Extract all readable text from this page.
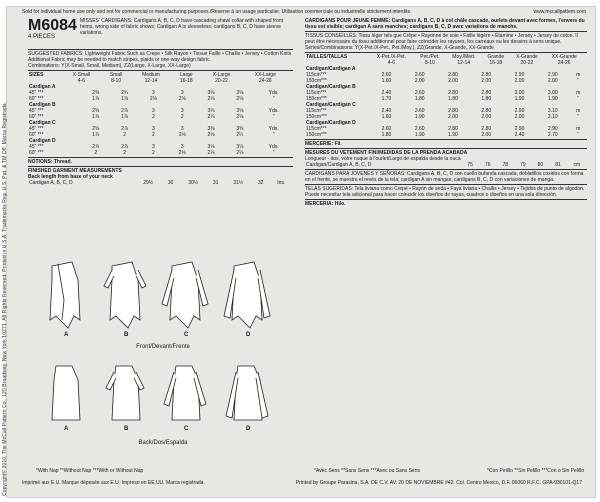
Sold for individual home use only and not for commercial or manufacturing purposes./Reserve à un usage particulier. Utilisation commerciale ou industrielle strictement interdite.	www.mccallpattern.com
Copyright© 2010, The McCall Pattern Co., 120 Broadway, New York 10271. All Rights Reserved. Printed in U.S.A. Trademarks Reg. U.S. Pat. & TM Off. Marca Registrada
M6084
4 PIECES
MISSES' CARDIGANS: Cardigans A, B, C, D have cascading shawl collar with shaped front hems, wrong side of fabric shows; Cardigan A is sleeveless; cardigans B, C, D have sleeve variations.
SUGGESTED FABRICS: Lightweight Fabric Such as Crepe • Silk Rayon • Tissue Faille • Challis • Jersey • Cotton Knits. Additional Fabric may be needed to match stripes, plaids or one-way design fabric.
Combinations: Y(X-Small, Small, Medium), ZZ(Large, X-Large, XX-Large)
SIZES	X-Small	Small	Medium	Large	X-Large	XX-Large	
	4-6	8-10	12-14	16-18	20-22	24-26	
Cardigan A							
45" ***	2⅜	2¾	3	3	3⅛	3⅛	Yds.
60" ***	1⅞	1⅞	2⅛	2⅛	2⅛	2⅛	"
Cardigan B							
45" ***	2⅝	2⅞	3	3	3⅛	3⅛	Yds.
60" ***	1⅞	1⅞	2	2	2⅛	2⅛	"
Cardigan C							
45" ***	2⅝	2⅞	3	3	3⅜	3⅜	Yds.
60" ***	1⅞	2	2	2⅛	2⅛	2¼	"
Cardigan D							
45" ***	2⅞	2⅞	3	3	3⅛	3⅛	Yds.
60" ***	2	2	2	2⅛	2⅛	2⅛	"
NOTIONS: Thread.
FINISHED GARMENT MEASUREMENTS
Back length from base of your neck
Cardigan A, B, C, D	29½	30	30½	31	31½	32	Ins.
A	B	C	D
Front/Devant/Frente
A	B	C	D
Back/Dos/Espalda
*With Nap **Without Nap ***With or Without Nap
CARDIGANS POUR JEUNE FEMME: Cardigans A, B, C, D à col châle cascade, ourlets devant avec formes, l'envers du tissu est visible; cardigan A sans manches; cardigans B, C, D avec variations de manche.
TISSUS CONSEILLÉS: Tissu léger tels que Crêpe • Rayonne de soie • Faille légère • Étamine • Jersey • Jersey de coton. Il peut être nécessaire du tissu additionnel pour faire coïncider les rayures, les carreaux ou les dessins à sens unique.
Séries/Combinaisons: Y(X-Pet./X-Pet., Pet./Moy.), ZZ(Grande, X-Grande, XX-Grande
TAILLES/TALLAS	X-Pet./X-Pet.	Pet./Pet.	Moy./Med.	Grande	X-Grande	XX-Grande	
	4-6	8-10	12-14	16-18	20-22	24-26	
Cardigan/Cardigan A							
115cm***	2.60	2.60	2.80	2.80	2.90	2.90	m
150cm***	1.60	2.00	2.00	2.00	2.00	2.00	"
Cardigan/Cardigan B							
115cm***	2.40	2.60	2.80	2.80	3.00	3.00	m
150cm***	1.70	1.80	1.80	1.80	1.90	1.90	"
Cardigan/Cardigan C							
115cm***	2.40	2.60	2.80	2.80	2.90	3.10	m
150cm***	1.60	1.90	2.00	2.00	2.00	2.10	"
Cardigan/Cardigan D							
115cm***	2.60	2.60	2.80	2.80	2.90	2.90	m
150cm***	1.80	1.90	1.90	2.00	2.40	2.70	"
MERCERIE: Fil.
MESURES DU VETEMENT FINI/MEDIDAS DE LA PRENDA ACABADA
Longueur - dos, votre nuque à l'ourlet/Largo de espalda desde la nuca
Cardigan/Cardigan A, B, C, D	75	76	78	79	80	81	cm
CARDIGANS PARA JOVENES Y SEÑORAS: Cardigans A, B, C, D con cuello bufanda cascada, doblatillos cosidos con forma en el frente, se muestra el revés de la tela; cardigan A sin mangas; cardigans B, C, D con variaciones de manga.
TELAS SUGERIDAS: Tela liviana como Crepé • Rayón de seda • Faya liviana • Challis • Jersey • Tejidos de punto de algodón. Puede necesitar tela adicional para hacer coincidir los diseños de rayas, cuadros o diseños en una sola dirección.
MERCERIA: Hilo.
*Avec Sens **Sans Sens ***Avec ou Sans Sens	*Con Pelillo **Sin Pelillo ***Con o Sin Pelillo
Imprimé aux É.U. Marque déposée aux É.U. Impreso en EE.UU. Marca registrada.	Printed by Groupe Parasina, S.A. DE C.V. AV. 20 DE NOVIEMBRE #42. Col. Centro Mexico, D.F. 06060 R.F.C. GPA-930101-Q17
